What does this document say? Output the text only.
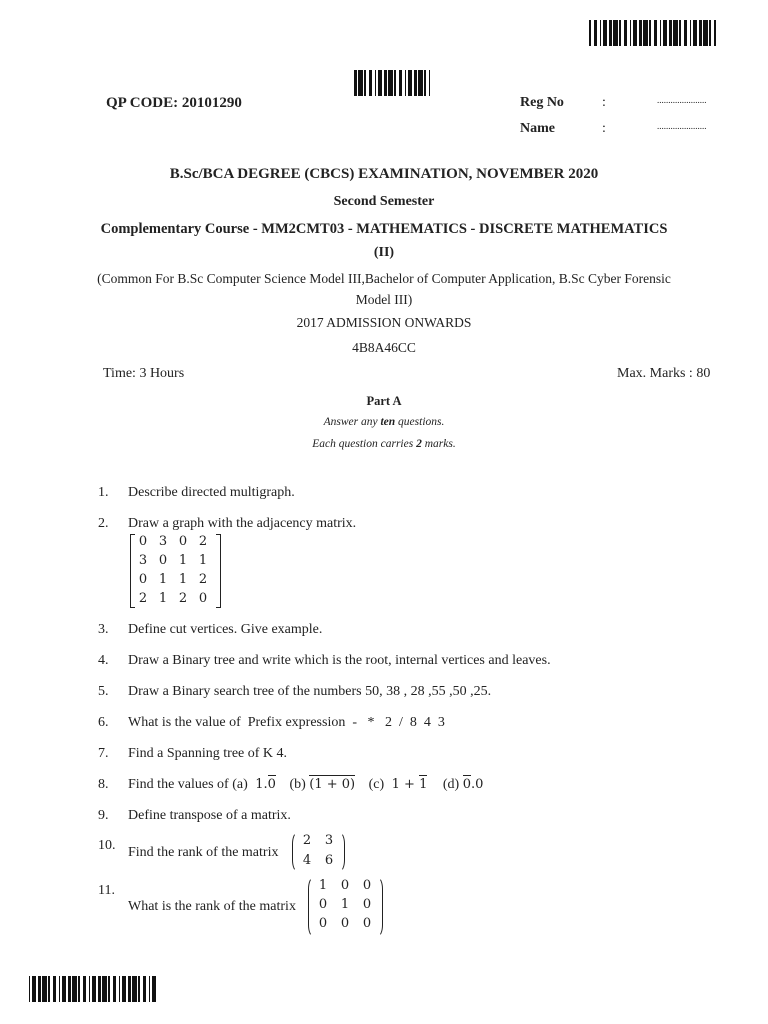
QP CODE: 20101290	Reg No	:	......................
Name	:	......................
B.Sc/BCA DEGREE (CBCS) EXAMINATION, NOVEMBER 2020
Second Semester
Complementary Course - MM2CMT03 - MATHEMATICS - DISCRETE MATHEMATICS
(II)
(Common For B.Sc Computer Science Model III,Bachelor of Computer Application, B.Sc Cyber Forensic
Model III)
2017 ADMISSION ONWARDS
4B8A46CC
Time: 3 Hours	Max. Marks : 80
Part A
Answer any ten questions.
Each question carries 2 marks.
1. Describe directed multigraph.
2. Draw a graph with the adjacency matrix.
0 3 0 2
3 0 1 1
0 1 1 2
2 1 2 0
3. Define cut vertices. Give example.
4. Draw a Binary tree and write which is the root, internal vertices and leaves.
5. Draw a Binary search tree of the numbers 50, 38 , 28 ,55 ,50 ,25.
6. What is the value of  Prefix expression  -   *   2  /  8  4  3
7. Find a Spanning tree of K 4.
8. Find the values of (a) 1.0 (b) (1 + 0) (c) 1 + 1 (d) 0.0
9. Define transpose of a matrix.
10. Find the rank of the matrix
2	3
4	6
11.
What is the rank of the matrix
1	0	0
0	1	0
0	0	0
